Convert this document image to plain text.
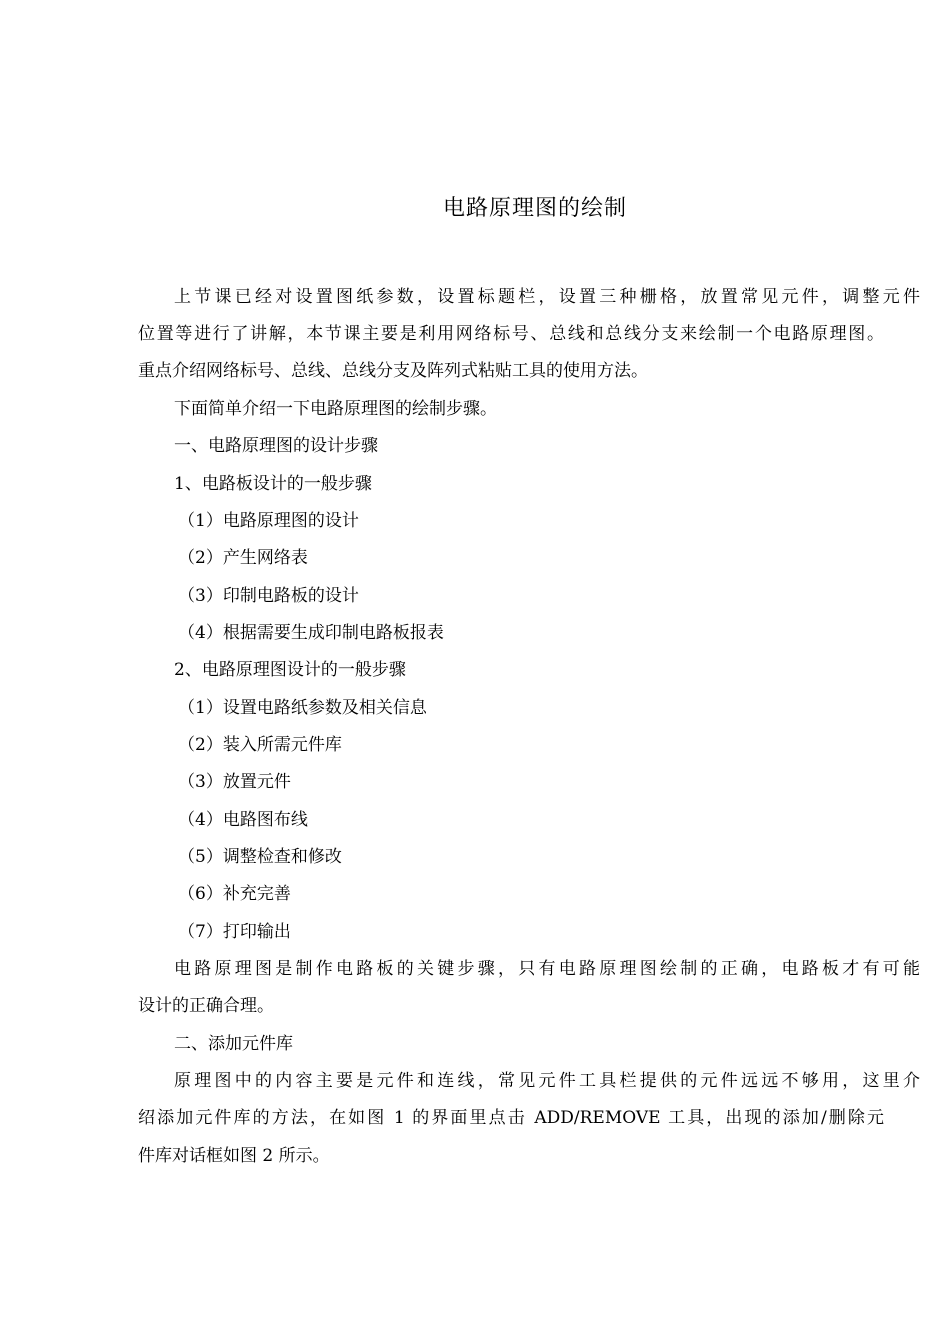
电路原理图的绘制
上节课已经对设置图纸参数，设置标题栏，设置三种栅格，放置常见元件，调整元件
位置等进行了讲解，本节课主要是利用网络标号、总线和总线分支来绘制一个电路原理图。
重点介绍网络标号、总线、总线分支及阵列式粘贴工具的使用方法。
下面简单介绍一下电路原理图的绘制步骤。
一、电路原理图的设计步骤
1、电路板设计的一般步骤
（1）电路原理图的设计
（2）产生网络表
（3）印制电路板的设计
（4）根据需要生成印制电路板报表
2、电路原理图设计的一般步骤
（1）设置电路纸参数及相关信息
（2）装入所需元件库
（3）放置元件
（4）电路图布线
（5）调整检查和修改
（6）补充完善
（7）打印输出
电路原理图是制作电路板的关键步骤，只有电路原理图绘制的正确，电路板才有可能
设计的正确合理。
二、添加元件库
原理图中的内容主要是元件和连线，常见元件工具栏提供的元件远远不够用，这里介
绍添加元件库的方法，在如图 1 的界面里点击 ADD/REMOVE 工具，出现的添加/删除元
件库对话框如图 2 所示。
